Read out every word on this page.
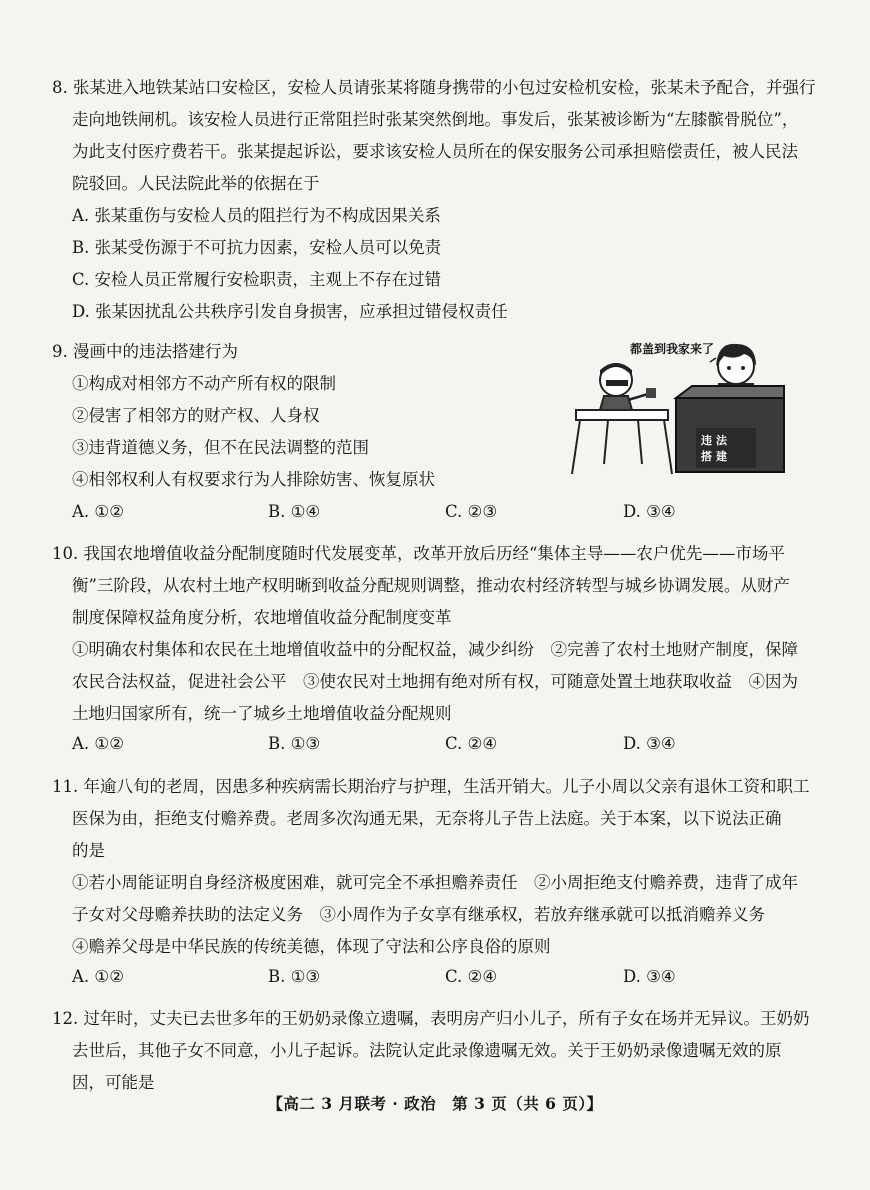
8. 张某进入地铁某站口安检区，安检人员请张某将随身携带的小包过安检机安检，张某未予配合，并强行
走向地铁闸机。该安检人员进行正常阻拦时张某突然倒地。事发后，张某被诊断为“左膝髌骨脱位”，
为此支付医疗费若干。张某提起诉讼，要求该安检人员所在的保安服务公司承担赔偿责任，被人民法
院驳回。人民法院此举的依据在于
A. 张某重伤与安检人员的阻拦行为不构成因果关系
B. 张某受伤源于不可抗力因素，安检人员可以免责
C. 安检人员正常履行安检职责，主观上不存在过错
D. 张某因扰乱公共秩序引发自身损害，应承担过错侵权责任
9. 漫画中的违法搭建行为
①构成对相邻方不动产所有权的限制
②侵害了相邻方的财产权、人身权
③违背道德义务，但不在民法调整的范围
④相邻权利人有权要求行为人排除妨害、恢复原状
都盖到我家来了
违法
搭建
A. ①②	B. ①④	C. ②③	D. ③④
10. 我国农地增值收益分配制度随时代发展变革，改革开放后历经“集体主导——农户优先——市场平
衡”三阶段，从农村土地产权明晰到收益分配规则调整，推动农村经济转型与城乡协调发展。从财产
制度保障权益角度分析，农地增值收益分配制度变革
①明确农村集体和农民在土地增值收益中的分配权益，减少纠纷　②完善了农村土地财产制度，保障
农民合法权益，促进社会公平　③使农民对土地拥有绝对所有权，可随意处置土地获取收益　④因为
土地归国家所有，统一了城乡土地增值收益分配规则
A. ①②	B. ①③	C. ②④	D. ③④
11. 年逾八旬的老周，因患多种疾病需长期治疗与护理，生活开销大。儿子小周以父亲有退休工资和职工
医保为由，拒绝支付赡养费。老周多次沟通无果，无奈将儿子告上法庭。关于本案，以下说法正确
的是
①若小周能证明自身经济极度困难，就可完全不承担赡养责任　②小周拒绝支付赡养费，违背了成年
子女对父母赡养扶助的法定义务　③小周作为子女享有继承权，若放弃继承就可以抵消赡养义务
④赡养父母是中华民族的传统美德，体现了守法和公序良俗的原则
A. ①②	B. ①③	C. ②④	D. ③④
12. 过年时，丈夫已去世多年的王奶奶录像立遗嘱，表明房产归小儿子，所有子女在场并无异议。王奶奶
去世后，其他子女不同意，小儿子起诉。法院认定此录像遗嘱无效。关于王奶奶录像遗嘱无效的原
因，可能是
【高二 3 月联考 · 政治　第 3 页（共 6 页）】
